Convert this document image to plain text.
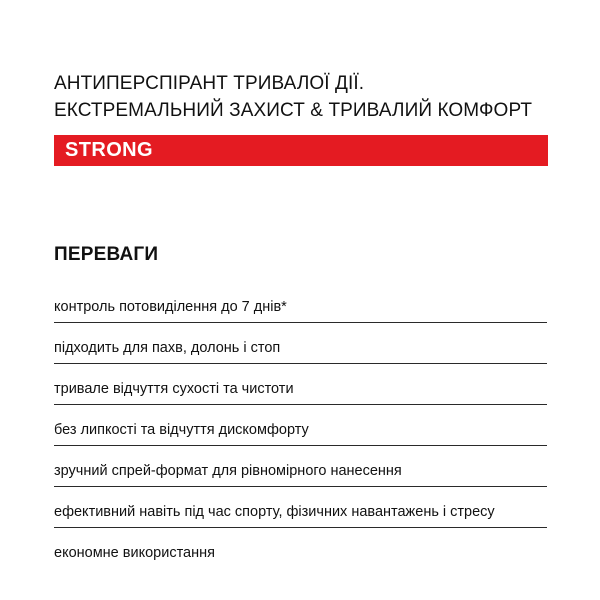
АНТИПЕРСПІРАНТ ТРИВАЛОЇ ДІЇ.
ЕКСТРЕМАЛЬНИЙ ЗАХИСТ & ТРИВАЛИЙ КОМФОРТ
STRONG
ПЕРЕВАГИ
контроль потовиділення до 7 днів*
підходить для пахв, долонь і стоп
тривале відчуття сухості та чистоти
без липкості та відчуття дискомфорту
зручний спрей-формат для рівномірного нанесення
ефективний навіть під час спорту, фізичних навантажень і стресу
економне використання
